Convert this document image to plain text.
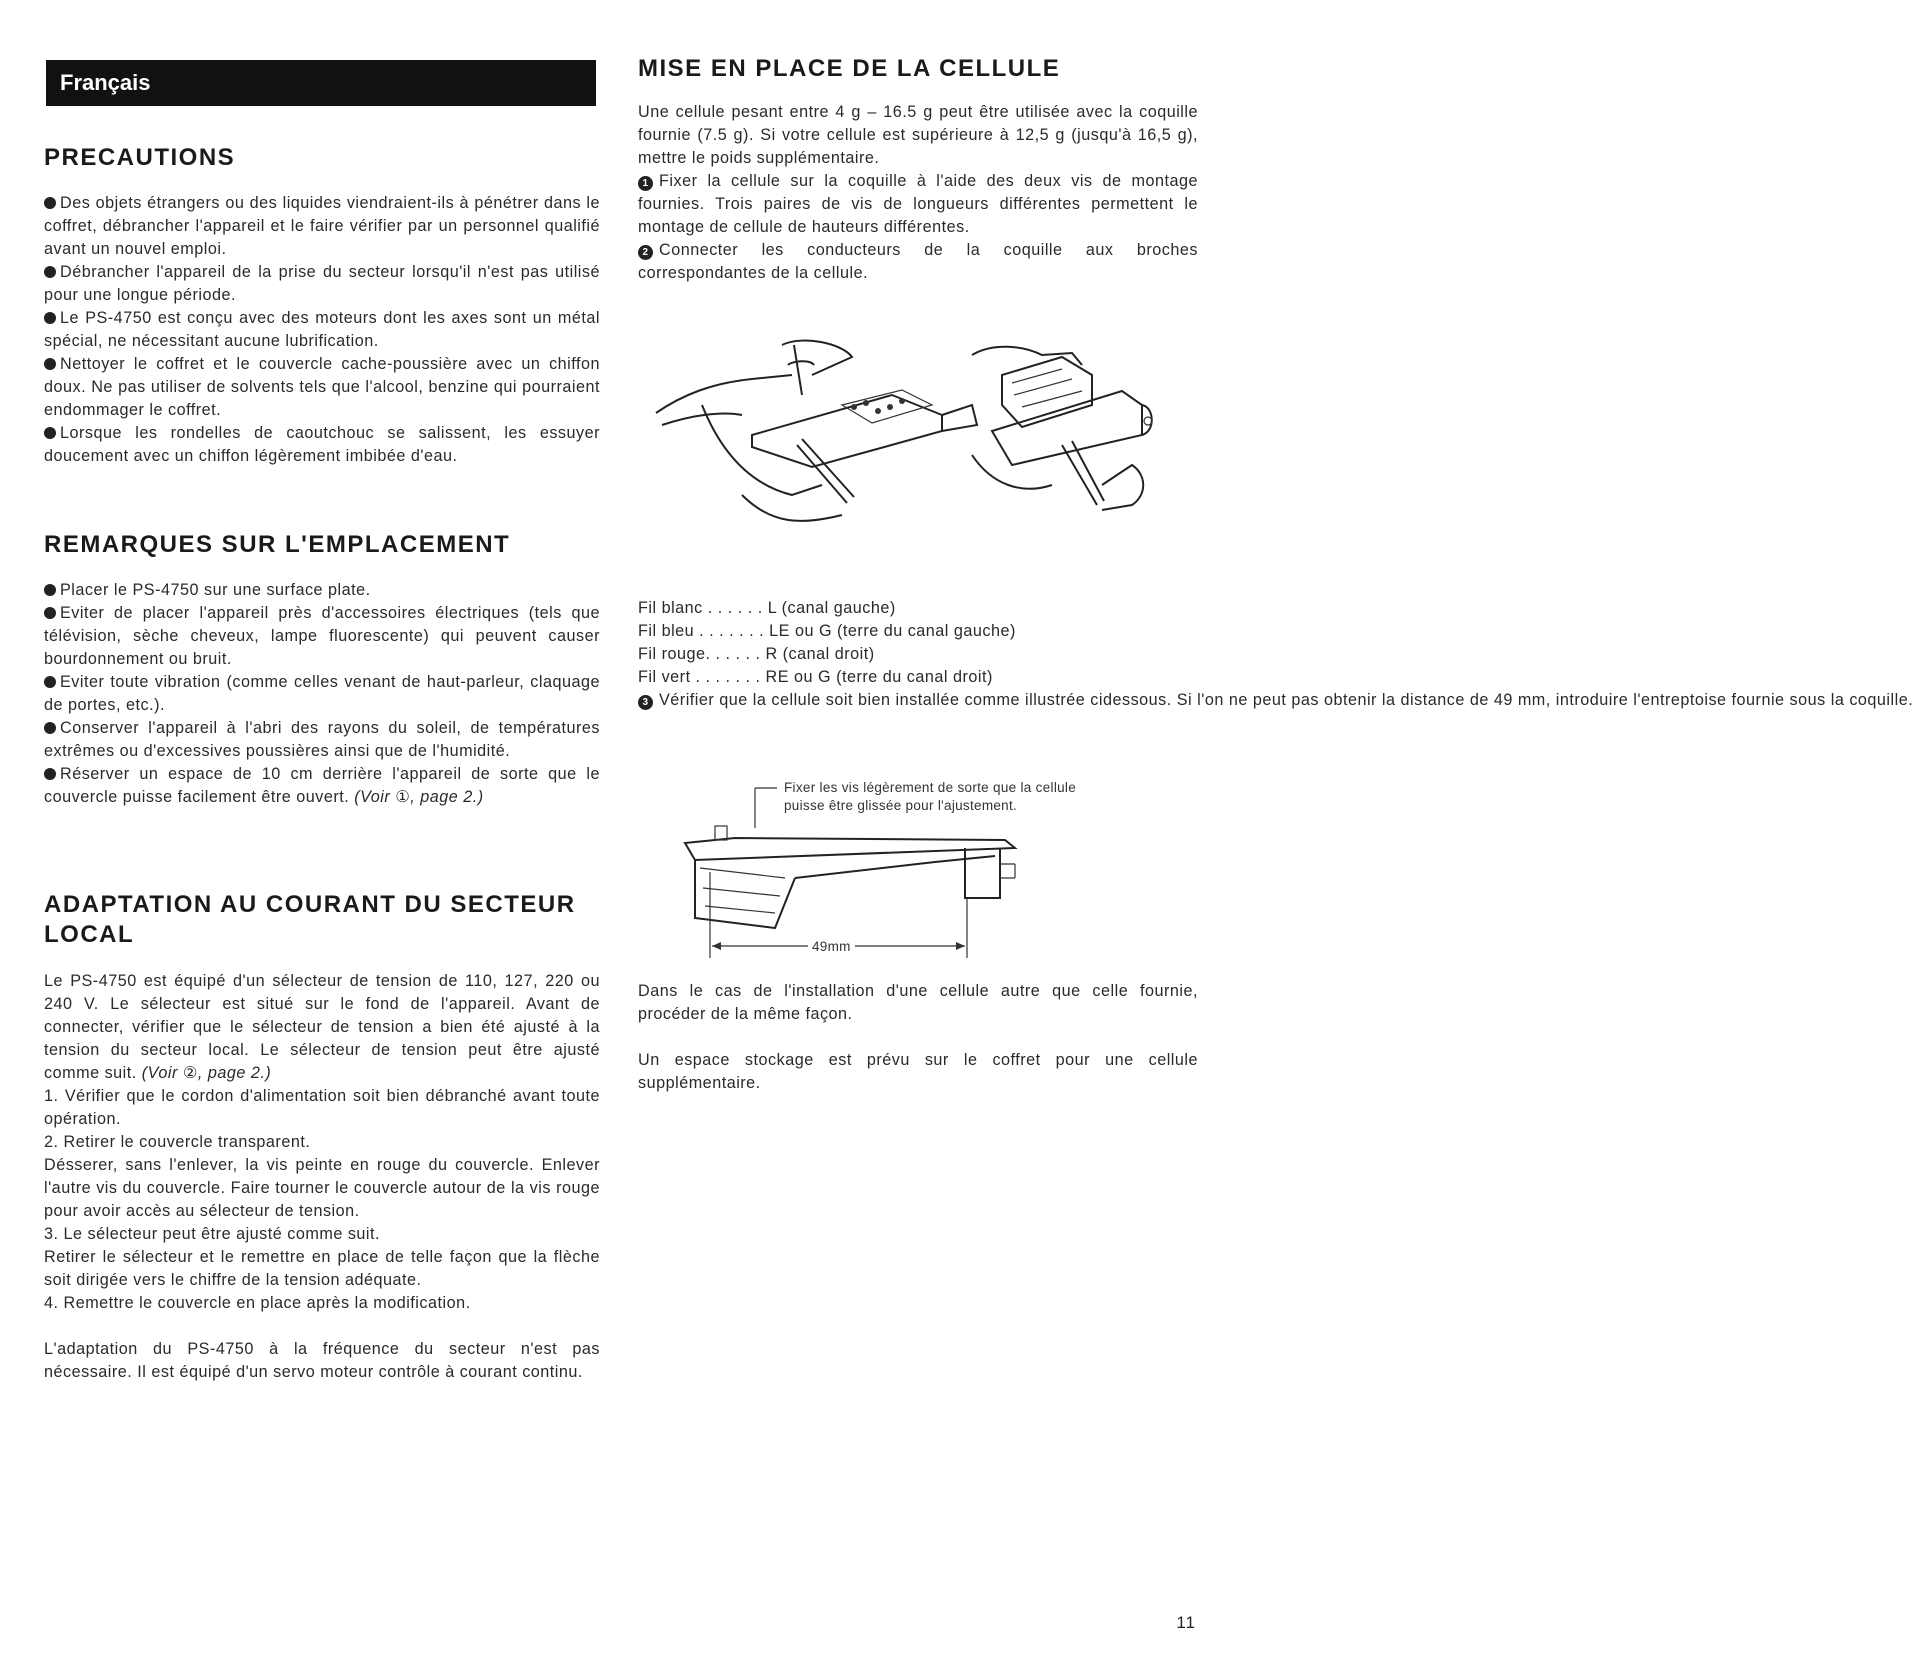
Français
PRECAUTIONS

Des objets étrangers ou des liquides viendraient-ils à pénétrer dans le coffret, débrancher l'appareil et le faire vérifier par un personnel qualifié avant un nouvel emploi.

Débrancher l'appareil de la prise du secteur lorsqu'il n'est pas utilisé pour une longue période.

Le PS-4750 est conçu avec des moteurs dont les axes sont un métal spécial, ne nécessitant aucune lubrification.

Nettoyer le coffret et le couvercle cache-poussière avec un chiffon doux. Ne pas utiliser de solvents tels que l'alcool, benzine qui pourraient endommager le coffret.

Lorsque les rondelles de caoutchouc se salissent, les essuyer doucement avec un chiffon légèrement imbibée d'eau.

REMARQUES SUR L'EMPLACEMENT

Placer le PS-4750 sur une surface plate.

Eviter de placer l'appareil près d'accessoires électriques (tels que télévision, sèche cheveux, lampe fluorescente) qui peuvent causer bourdonnement ou bruit.

Eviter toute vibration (comme celles venant de haut-parleur, claquage de portes, etc.).

Conserver l'appareil à l'abri des rayons du soleil, de températures extrêmes ou d'excessives poussières ainsi que de l'humidité.

Réserver un espace de 10 cm derrière l'appareil de sorte que le couvercle puisse facilement être ouvert. (Voir ①, page 2.)

ADAPTATION AU COURANT DU SECTEUR LOCAL

Le PS-4750 est équipé d'un sélecteur de tension de 110, 127, 220 ou 240 V. Le sélecteur est situé sur le fond de l'appareil. Avant de connecter, vérifier que le sélecteur de tension a bien été ajusté à la tension du secteur local. Le sélecteur de tension peut être ajusté comme suit. (Voir ②, page 2.)

1. Vérifier que le cordon d'alimentation soit bien débranché avant toute opération.

2. Retirer le couvercle transparent.

Désserer, sans l'enlever, la vis peinte en rouge du couvercle. Enlever l'autre vis du couvercle. Faire tourner le couvercle autour de la vis rouge pour avoir accès au sélecteur de tension.

3. Le sélecteur peut être ajusté comme suit.

Retirer le sélecteur et le remettre en place de telle façon que la flèche soit dirigée vers le chiffre de la tension adéquate.

4. Remettre le couvercle en place après la modification.

L'adaptation du PS-4750 à la fréquence du secteur n'est pas nécessaire. Il est équipé d'un servo moteur contrôle à courant continu.

MISE EN PLACE DE LA CELLULE

Une cellule pesant entre 4 g – 16.5 g peut être utilisée avec la coquille fournie (7.5 g). Si votre cellule est supérieure à 12,5 g (jusqu'à 16,5 g), mettre le poids supplémentaire.

1 Fixer la cellule sur la coquille à l'aide des deux vis de montage fournies. Trois paires de vis de longueurs différentes permettent le montage de cellule de hauteurs différentes.

2 Connecter les conducteurs de la coquille aux broches correspondantes de la cellule.

Fil blanc . . . . . . L (canal gauche)

Fil bleu . . . . . . . LE ou G (terre du canal gauche)

Fil rouge. . . . . . R (canal droit)

Fil vert . . . . . . . RE ou G (terre du canal droit)

3 Vérifier que la cellule soit bien installée comme illustrée cidessous. Si l'on ne peut pas obtenir la distance de 49 mm, introduire l'entreptoise fournie sous la coquille.

Fixer les vis légèrement de sorte que la cellule puisse être glissée pour l'ajustement.
49mm

Dans le cas de l'installation d'une cellule autre que celle fournie, procéder de la même façon.

Un espace stockage est prévu sur le coffret pour une cellule supplémentaire.

11
